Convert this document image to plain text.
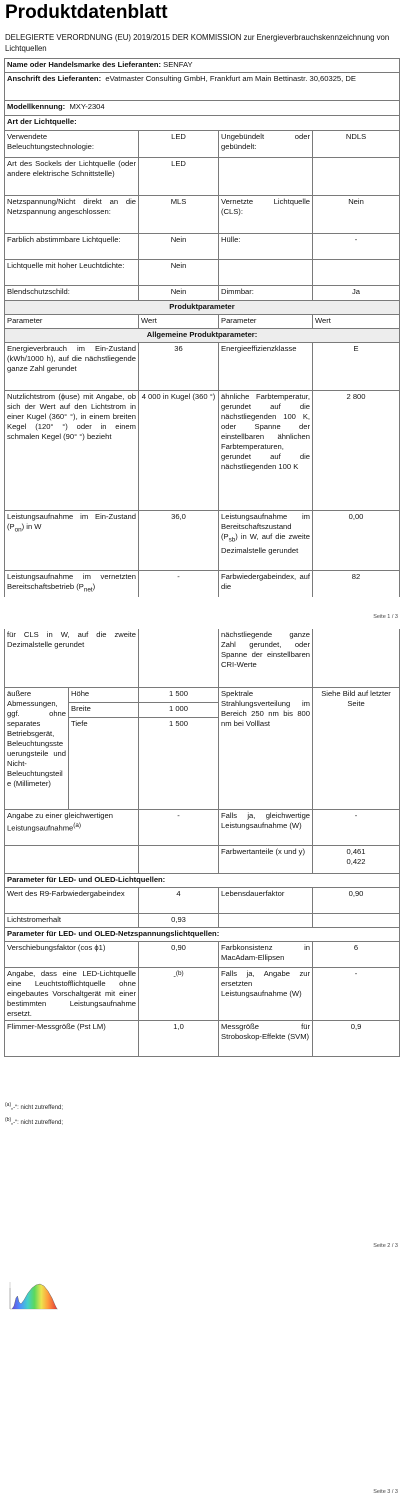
Produktdatenblatt
DELEGIERTE VERORDNUNG (EU) 2019/2015 DER KOMMISSION zur Energieverbrauchskennzeichnung von Lichtquellen
Name oder Handelsmarke des Lieferanten: SENFAY			
Anschrift des Lieferanten: eVatmaster Consulting GmbH, Frankfurt am Main Bettinastr. 30,60325, DE			
Modellkennung: MXY-2304			
Art der Lichtquelle:			
Verwendete Beleuchtungstechnologie:	LED	Ungebündelt oder gebündelt:	NDLS
Art des Sockels der Lichtquelle (oder andere elektrische Schnittstelle)	LED		
Netzspannung/Nicht direkt an die Netzspannung angeschlossen:	MLS	Vernetzte Lichtquelle (CLS):	Nein
Farblich abstimmbare Lichtquelle:	Nein	Hülle:	-
Lichtquelle mit hoher Leuchtdichte:	Nein		
Blendschutzschild:	Nein	Dimmbar:	Ja
Produktparameter			
Parameter	Wert	Parameter	Wert
Allgemeine Produktparameter:			
Energieverbrauch im Ein-Zustand (kWh/1000 h), auf die nächstliegende ganze Zahl gerundet	36	Energieeffizienzklasse	E
Nutzlichtstrom (ϕuse) mit Angabe, ob sich der Wert auf den Lichtstrom in einer Kugel (360° °), in einem breiten Kegel (120° °) oder in einem schmalen Kegel (90° °) bezieht	4 000 in Kugel (360 °)	ähnliche Farbtemperatur, gerundet auf die nächstliegenden 100 K, oder Spanne der einstellbaren ähnlichen Farbtemperaturen, gerundet auf die nächstliegenden 100 K	2 800
Leistungsaufnahme im Ein-Zustand $(P_{on})$ in W	36,0	Leistungsaufnahme im Bereitschaftszustand $(P_{sb})$ in W, auf die zweite Dezimalstelle gerundet	0,00
Leistungsaufnahme im vernetzten Bereitschaftsbetrieb $(P_{net})$	-	Farbwiedergabeindex, auf die	82
Seite 1 / 3
für CLS in W, auf die zweite Dezimalstelle gerundet			nächstliegende ganze Zahl gerundet, oder Spanne der einstellbaren CRI-Werte	
äußere Abmessungen, ggf. ohne separates Betriebsgerät, Beleuchtungssteuerungsteile und Nicht-Beleuchtungsteile (Millimeter)	Höhe	1 500	Spektrale Strahlungsverteilung im Bereich 250 nm bis 800 nm bei Volllast	Siehe Bild auf letzter Seite
	Breite	1 000		
	Tiefe	1 500		
Angabe zu einer gleichwertigen Leistungsaufnahme$^{(a)}$		-	Falls ja, gleichwertige Leistungsaufnahme (W)	-
			Farbwertanteile (x und y)	0,461
0,422

Parameter für LED- und OLED-Lichtquellen:				
Wert des R9-Farbwiedergabeindex		4	Lebensdauerfaktor	0,90
Lichtstromerhalt		0,93		
Parameter für LED- und OLED-Netzspannungslichtquellen:				
Verschiebungsfaktor (cos ϕ1)		0,90	Farbkonsistenz in MacAdam-Ellipsen	6
Angabe, dass eine LED-Lichtquelle eine Leuchtstofflichtquelle ohne eingebautes Vorschaltgerät mit einer bestimmten Leistungsaufnahme ersetzt.		-$^{(b)}$	Falls ja, Angabe zur ersetzten Leistungsaufnahme (W)	-
Flimmer-Messgröße (Pst LM)		1,0	Messgröße für Stroboskop-Effekte (SVM)	0,9
$^{(a)}$„-“: nicht zutreffend;
$^{(b)}$„-“: nicht zutreffend;
Seite 2 / 3
Seite 3 / 3
